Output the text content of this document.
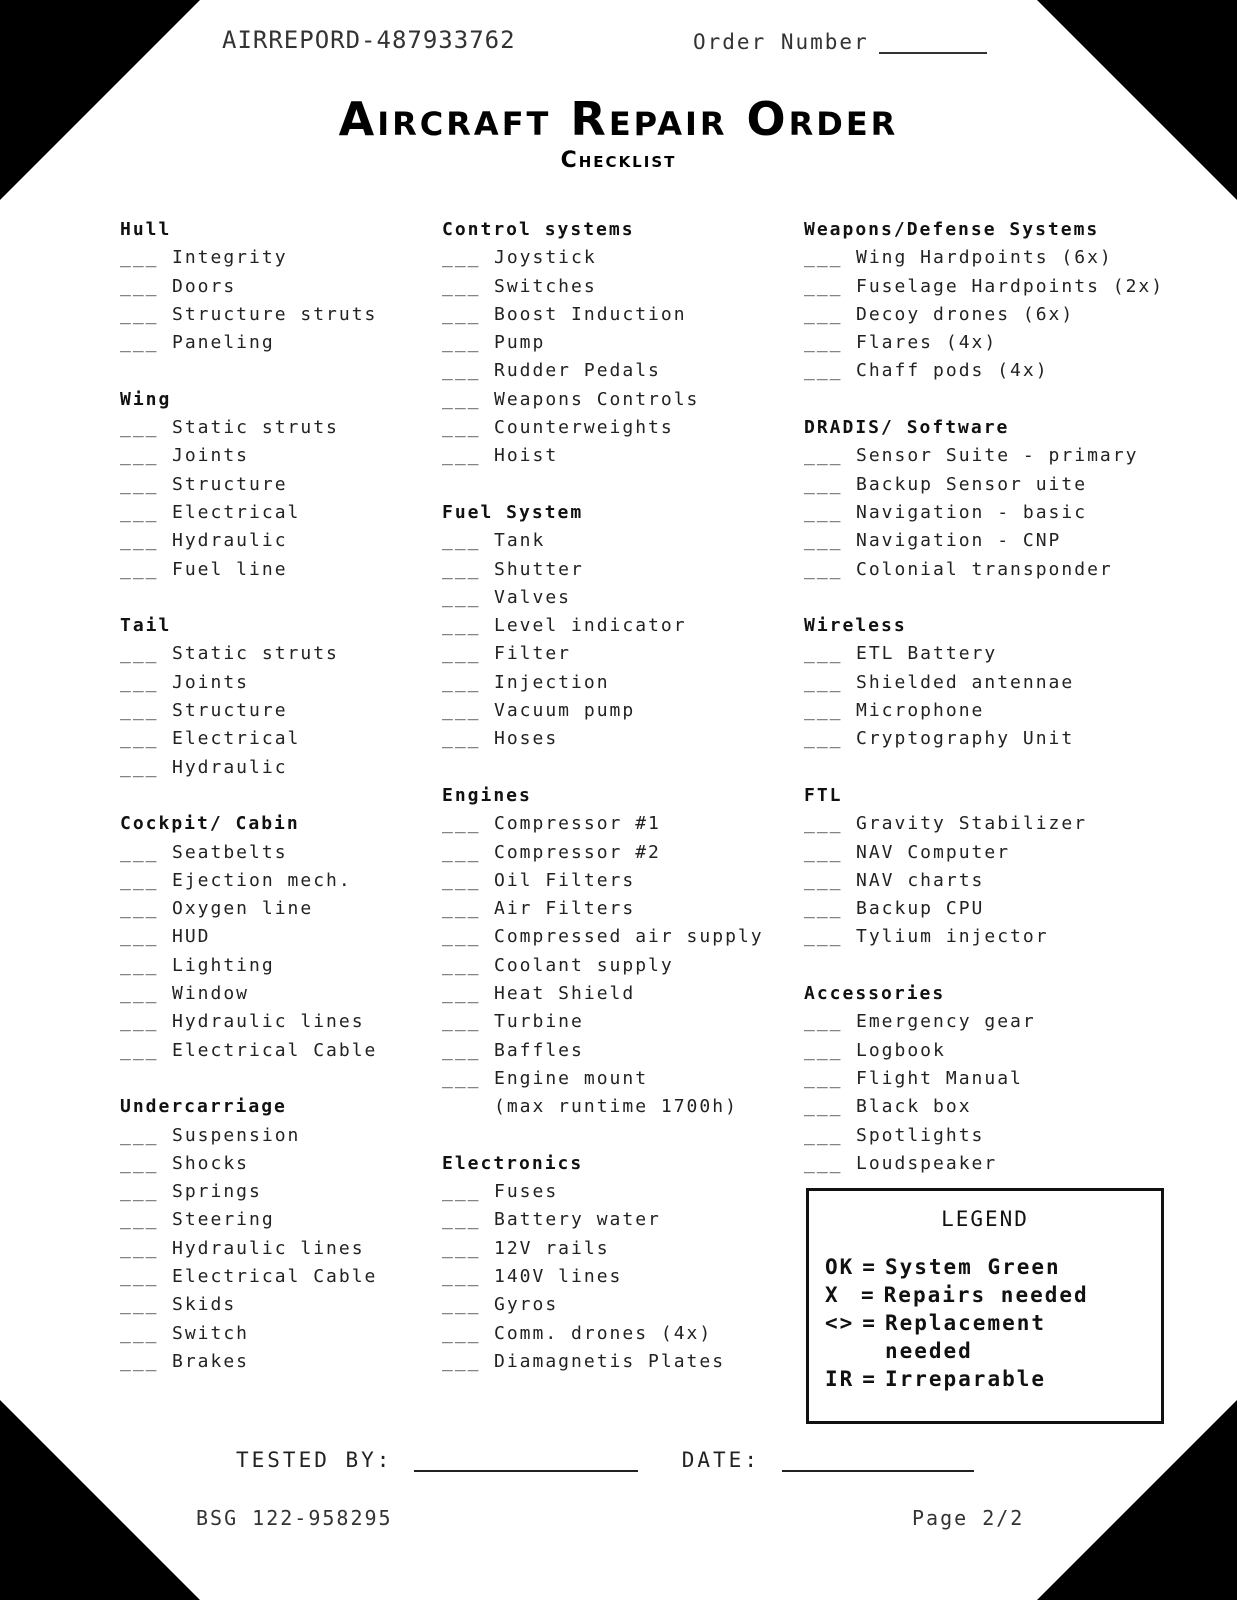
AIRREPORD-487933762	Order Number
Aircraft Repair Order
Checklist
Hull
___ Integrity
___ Doors
___ Structure struts
___ Paneling
Wing
___ Static struts
___ Joints
___ Structure
___ Electrical
___ Hydraulic
___ Fuel line
Tail
___ Static struts
___ Joints
___ Structure
___ Electrical
___ Hydraulic
Cockpit/ Cabin
___ Seatbelts
___ Ejection mech.
___ Oxygen line
___ HUD
___ Lighting
___ Window
___ Hydraulic lines
___ Electrical Cable
Undercarriage
___ Suspension
___ Shocks
___ Springs
___ Steering
___ Hydraulic lines
___ Electrical Cable
___ Skids
___ Switch
___ Brakes
Control systems
___ Joystick
___ Switches
___ Boost Induction
___ Pump
___ Rudder Pedals
___ Weapons Controls
___ Counterweights
___ Hoist
Fuel System
___ Tank
___ Shutter
___ Valves
___ Level indicator
___ Filter
___ Injection
___ Vacuum pump
___ Hoses
Engines
___ Compressor #1
___ Compressor #2
___ Oil Filters
___ Air Filters
___ Compressed air supply
___ Coolant supply
___ Heat Shield
___ Turbine
___ Baffles
___ Engine mount
(max runtime 1700h)
Electronics
___ Fuses
___ Battery water
___ 12V rails
___ 140V lines
___ Gyros
___ Comm. drones (4x)
___ Diamagnetis Plates
Weapons/Defense Systems
___ Wing Hardpoints (6x)
___ Fuselage Hardpoints (2x)
___ Decoy drones (6x)
___ Flares (4x)
___ Chaff pods (4x)
DRADIS/ Software
___ Sensor Suite - primary
___ Backup Sensor uite
___ Navigation - basic
___ Navigation - CNP
___ Colonial transponder
Wireless
___ ETL Battery
___ Shielded antennae
___ Microphone
___ Cryptography Unit
FTL
___ Gravity Stabilizer
___ NAV Computer
___ NAV charts
___ Backup CPU
___ Tylium injector
Accessories
___ Emergency gear
___ Logbook
___ Flight Manual
___ Black box
___ Spotlights
___ Loudspeaker
LEGEND
OK = System Green
X = Repairs needed
<> = Replacement needed
IR = Irreparable
TESTED BY:	DATE:
BSG 122-958295	Page 2/2
